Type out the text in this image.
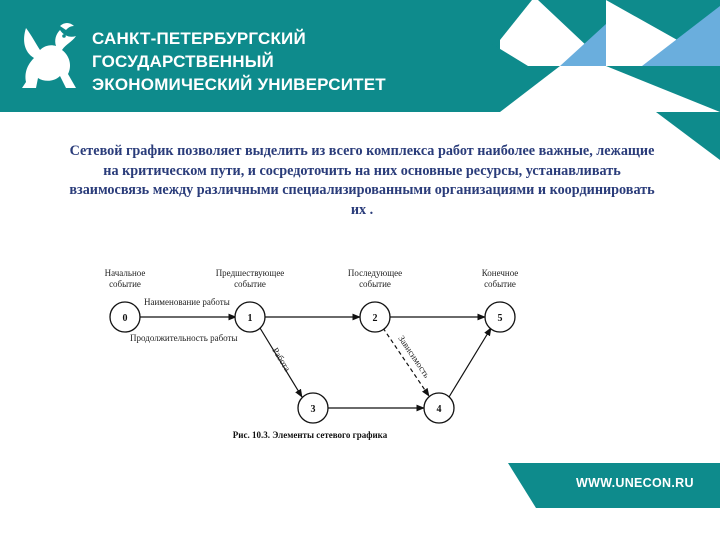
САНКТ-ПЕТЕРБУРГСКИЙ
ГОСУДАРСТВЕННЫЙ
ЭКОНОМИЧЕСКИЙ УНИВЕРСИТЕТ
Сетевой график позволяет выделить из всего комплекса работ наиболее важные, лежащие на критическом пути, и сосредоточить на них основные ресурсы, устанавливать взаимосвязь между различными специализированными организациями и координировать их .
Начальное
событие
Предшествующее
событие
Последующее
событие
Конечное
событие
0	1	2	5
3	4
Наименование работы
Продолжительность работы
Работа	Зависимость
Рис. 10.3. Элементы сетевого графика
WWW.UNECON.RU
